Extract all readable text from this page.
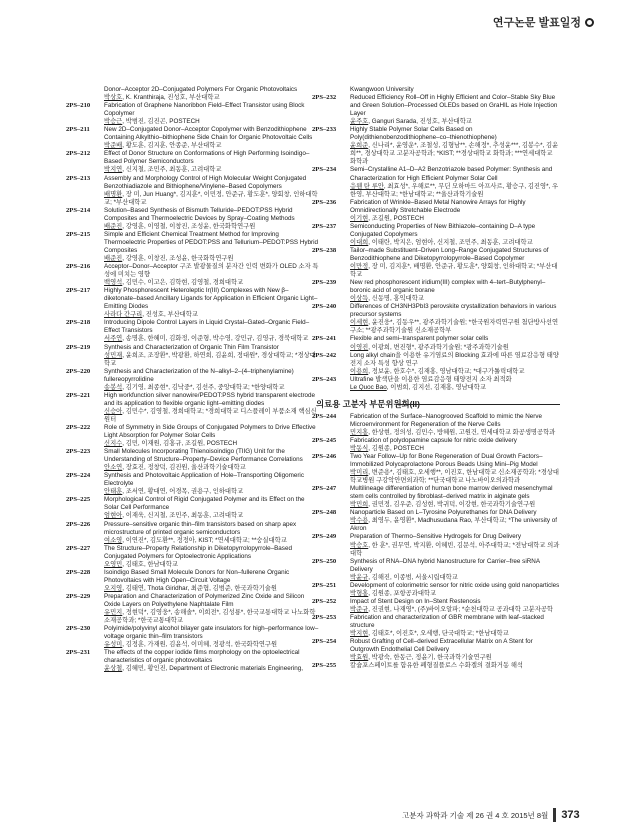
연구논문 발표일정
Donor–Acceptor 2D–Conjugated Polymers For Organic Photovoltaics
박상호, K. Kranthiraja, 진성호, 부산대학교
2PS–210	Fabrication of Graphene Nanoribbon Field–Effect Transistor using Block Copolymer
박승근, 박범진, 김진곤, POSTECH
2PS–211	New 2D–Conjugated Donor–Acceptor Copolymer with Benzodithiophene Containing Alkylthio–bithiophene Side Chain for Organic Photovoltaic Cells
박준배, 황도훈, 김지훈, 안종준, 부산대학교
2PS–212	Effect of Donor Structure on Conformations of High Performing Isoindigo–Based Polymer Semiconductors
박지연, 신지철, 조민주, 최동훈, 고려대학교
2PS–213	Assembly and Morphology Control of High Molecular Weight Conjugated Benzothiadiazole and Bithiophene/Vinylene–Based Copolymers
배명환, 장 미, Jun Huang*, 김지훈*, 이민정, 안준규, 황도훈*, 양회창, 인하대학교; *부산대학교
2PS–214	Solution–Based Synthesis of Bismuth Telluride–PEDOT:PSS Hybrid Composites and Thermoelectric Devices by Spray–Coating Methods
배준진, 강영훈, 이영철, 이창진, 조성윤, 한국화학연구원
2PS–215	Simple and Efficient Chemical Treatment Method for Improving Thermoelectric Properties of PEDOT:PSS and Tellurium–PEDOT:PSS Hybrid Composites
배준진, 강영훈, 이창진, 조성윤, 한국화학연구원
2PS–216	Acceptor–Donor–Acceptor 구조 발광물질의 분자간 인력 변화가 OLED 소자 특성에 미치는 영향
백영석, 김민수, 이고은, 김학현, 김영철, 경희대학교
2PS–217	Highly Phosphorescent Heteroleptic Ir(III) Complexes with New β–diketonate–based Ancillary Ligands for Application in Efficient Organic Light–Emitting Diodes
사라다 간구리, 진성호, 부산대학교
2PS–218	Introducing Dipole Control Layers in Liquid Crystal–Gated–Organic Field–Effect Transistors
서주연, 송명훈, 한혜미, 김화정, 이준형, 박수영, 강민규, 김영규, 경북대학교
2PS–219	Synthesis and Characterization of Organic Thin Film Transistor
성민재, 윤희조, 조장환*, 박광환, 하연희, 김윤희, 정대원*, 경상대학교; *경상대학교
2PS–220	Synthesis and Characterization of the N–alkyl–2–(4–triphenylamine) fullereopyrrolidine
송봉석, 김기영, 최종현*, 김낙중*, 김선주, 중앙대학교; *한양대학교
2PS–221	High workfunction silver nanowire/PEDOT:PSS hybrid transparent electrode and its application to flexible organic light–emitting diodes
신승아, 김민수*, 김영철, 경희대학교; *경희대학교 디스플레이 부품소재 핵심신원터
2PS–222	Role of Symmetry in Side Groups of Conjugated Polymers to Drive Effective Light Absorption for Polymer Solar Cells
신지수, 김민, 이재원, 김홍규, 조길원, POSTECH
2PS–223	Small Molecules Incorporating Thienoisoindigo (TIIG) Unit for the Understanding of Structure–Property–Device Performance Correlations
안소연, 장효진, 정창덕, 김진원, 울산과학기술대학교
2PS–224	Synthesis and Photovoltaic Application of Hole–Transporting Oligomeric Electrolyte
안태훈, 조서연, 황대연, 어경목, 권용구, 인하대학교
2PS–225	Morphological Control of Rigid Conjugated Polymer and its Effect on the Solar Cell Performance
엄현아, 이재욱, 신지철, 조민주, 최동훈, 고려대학교
2PS–226	Pressure–sensitive organic thin–film transistors based on sharp apex microstructure of printed organic semiconductors
여소영, 이연진*, 김도환**, 정정아, KIST; *연세대학교; **숭실대학교
2PS–227	The Structure–Property Relationship in Diketopyrrolopyrrole–Based Conjugated Polymers for Optoelectronic Applications
오영민, 김태호, 한남대학교
2PS–228	Isoindigo Based Small Molecule Donors for Non–fullerene Organic Photovoltaics with High Open–Circuit Voltage
오지영, 김태연, Thota Giridhar, 최준협, 김범준, 한국과학기술원
2PS–229	Preparation and Characterization of Polymerized Zinc Oxide and Silicon Oxide Layers on Polyethylene Naphtalate Film
유민지, 정현덕*, 김영웅*, 송해솔*, 이희전*, 김성룡*, 한국교통대학교 나노화학소재공학과; *한국교통대학교
2PS–230	Polyimide/polyvinyl alcohol bilayer gate insulators for high–performance low–voltage organic thin–film transistors
유성미, 김정훈, 가재원, 김윤석, 이미혜, 정광석, 한국화학연구원
2PS–231	The effects of the copper iodide films morphology on the optoelectrical characteristics of organic photovoltaics
윤상철, 김혜민, 황인진, Department of Electronic materials Engineering,
Kwangwoon University
2PS–232	Reduced Efficiency Roll–Off in Highly Efficient and Color–Stable Sky Blue and Green Solution–Processed OLEDs based on GraHIL as Hole Injection Layer
윤주호, Ganguri Sarada, 진성호, 부산대학교
2PS–233	Highly Stable Polymer Solar Cells Based on Poly(dithienobenzodithiophene–co–thienothiophene)
윤희준, 신나리*, 윤영운*, 조철성, 김형남**, 손해정*, 추성윤***, 김봉수*, 김윤희**, 경상대학교 고분자공학과; *KIST; **경상대학교 화학과; ***연세대학교 화학과
2PS–234	Semi–Crystalline A1–D–A2 Benzotriazole based Polymer: Synthesis and Characterization for High Efficient Polymer Solar Cell
응웬 탄 루안, 최효성*, 우해로**, 무딘 모하마드 아프사르, 황승구, 김진영*, 우한영, 부산대학교; *한남대학교; **울산과학기술원
2PS–236	Fabrication of Wrinkle–Based Metal Nanowire Arrays for Highly Omnidirectionally Stretchable Electrode
이기현, 조길원, POSTECH
2PS–237	Semiconducting Properties of New Bithiazole–containing D–A type Conjugated Copolymers
이대희, 이태란, 박지은, 엄현아, 신지철, 조민주, 최동훈, 고려대학교
2PS–238	Tailor–made Substituent–Driven Long–Range Conjugated Structures of Benzodithiophene and Diketopyrrolopyrrole–Based Copolymer
이만정, 장 미, 김지훈*, 배명환, 안준규, 황도훈*, 양회창, 인하대학교; *부산대학교
2PS–239	New red phosphorescent iridium(III) complex with 4–tert–Butylphenyl–boronic acid of organic borane
이상득, 신동명, 홍익대학교
2PS–240	Differences of CH3NH3PbI3 perovskite crystallization behaviors in various precursor systems
이세현, 윤진웅*, 김동우**, 광주과학기술원; *한국원자력연구원 첨단방사선연구소; **광주과학기술원 신소재공학부
2PS–241	Flexible and semi–transparent polymer solar cells
이영진, 이광희, 변진형*, 광주과학기술원; *광주과학기술원
2PS–242	Long alkyl chain을 이용한 유기염료의 Blocking 효과에 따른 염료감응형 태양전지 소자 특성 향상 연구
이용희, 정보윤, 한호수*, 김재홍, 영남대학교; *대구가톨릭대학교
2PS–243	Ultrafine 발색단을 이용한 염료감응형 태양전지 소자 최적화
Le Quoc Bao, 이범희, 김지선, 김재홍, 영남대학교
의료용 고분자 부문위원회(II)
2PS–244	Fabrication of the Surface–Nanogrooved Scaffold to mimic the Nerve Microenvironment for Regeneration of the Nerve Cells
민지홍, 한상현, 정의성, 김민수, 방혜원, 고원건, 연세대학교 화공생명공학과
2PS–245	Fabrication of polydopamine capsule for nitric oxide delivery
박동식, 김원종, POSTECH
2PS–246	Two Year Follow–Up for Bone Regeneration of Dual Growth Factors–Immobilized Polycaprolactone Porous Beads Using Mini–Pig Model
박미리, 변준용*, 김태호, 오세행**, 이진호, 한남대학교 신소재공학과; *경상대학교병원 구강악안면외과학; **단국대학교 나노바이오의과학과
2PS–247	Multilineage differentiation of human bone marrow derived mesenchymal stem cells controlled by fibroblast–derived matrix in alginate gels
박민희, 권민정, 김우준, 김성현, 박귀덕, 이강현, 한국과학기술연구원
2PS–248	Nanoparticle Based on L–Tyrosine Polyurethanes for DNA Delivery
박수용, 최영두, 윤영환*, Madhusudana Rao, 부산대학교; *The university of Akron
2PS–249	Preparation of Thermo–Sensitive Hydrogels for Drug Delivery
박승호, 한 훈*, 권무연, 박지환, 이혜빈, 김문석, 아주대학교; *전남대학교 의과대학
2PS–250	Synthesis of RNA–DNA hybrid Nanostructure for Carrier–free siRNA Delivery
박윤규, 김해진, 이종범, 서울시립대학교
2PS–251	Development of colorimetric sensor for nitric oxide using gold nanoparticles
박형홍, 김원종, 포항공과대학교
2PS–252	Impact of Stent Design on In–Stent Restenosis
박준규, 진권현, 나재영*, (주)바이오알파; *순천대학교 공과대학 고분자공학
2PS–253	Fabrication and characterization of GBR membrane with leaf–stacked structure
박지현, 김태호*, 이진호*, 오세행, 단국대학교; *한남대학교
2PS–254	Robust Grafting of Cell–derived Extracellular Matrix on A Stent for Outgrowth Endothelial Cell Delivery
박효원, 박광숙, 한동근, 정윤기, 한국과학기술연구원
2PS–255	칼슘포스페이트를 함유한 폐형질플로스 수화겔의 결화거동 해석
고분자 과학과 기술 제 26 권 4 호 2015년 8월 373
